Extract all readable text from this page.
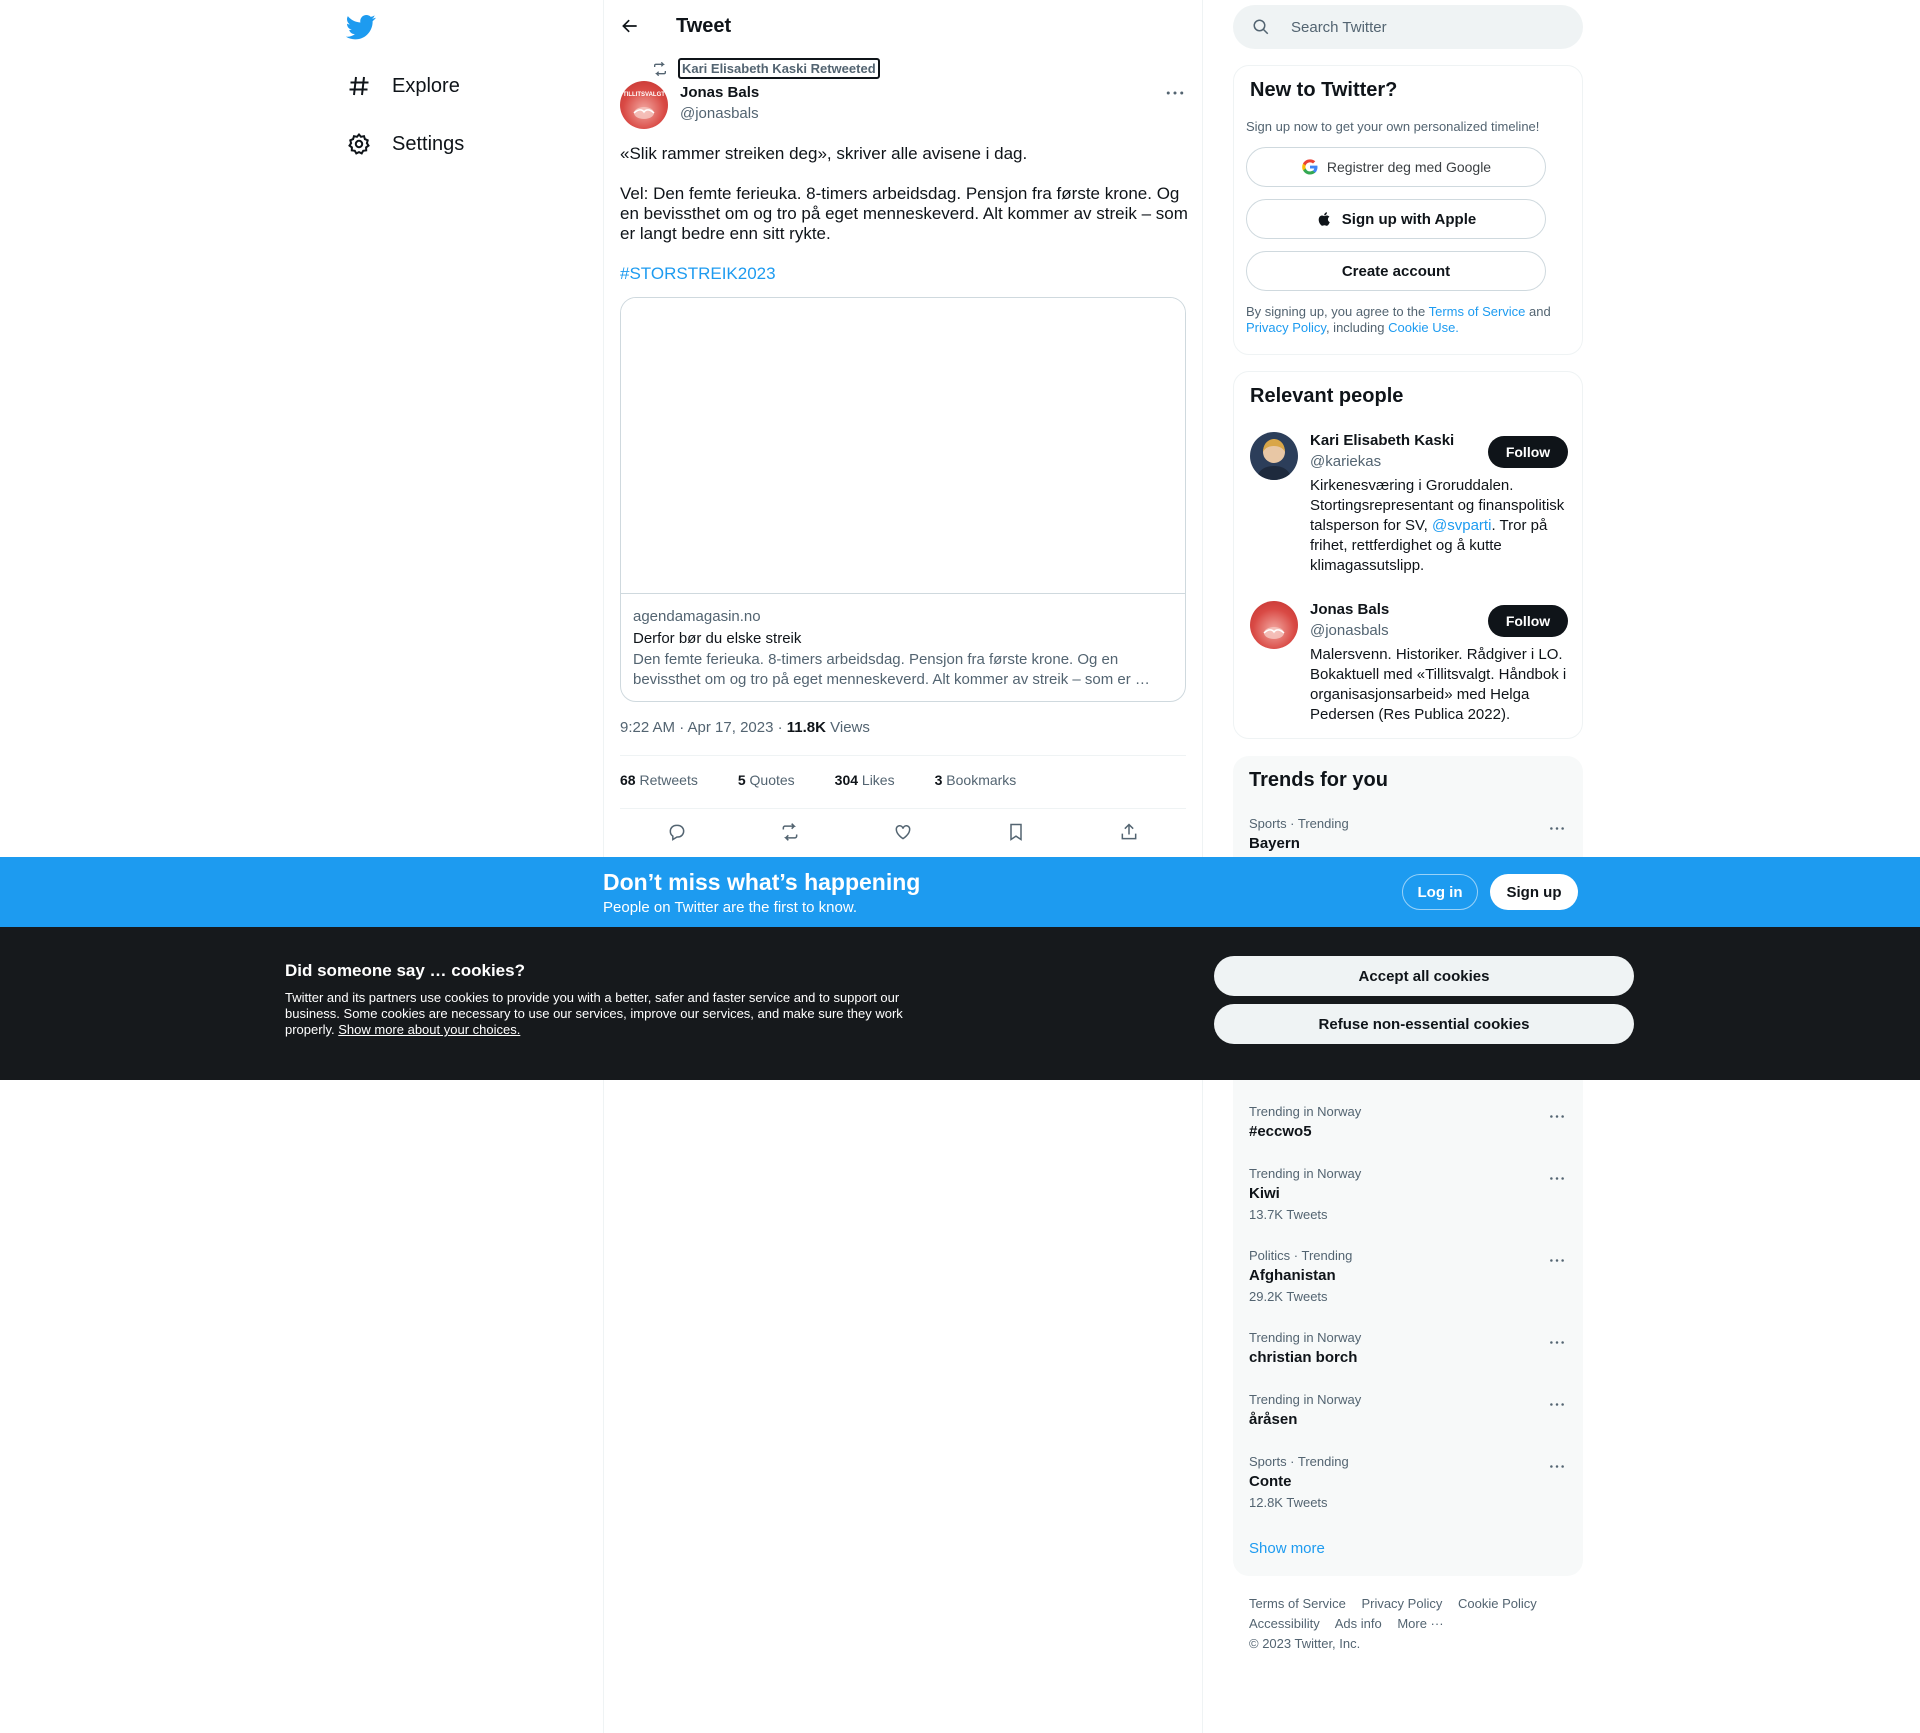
Explore
Settings
Tweet
Kari Elisabeth Kaski Retweeted
TILLITSVALGT Jonas Bals
@jonasbals

«Slik rammer streiken deg», skriver alle avisene i dag.

Vel: Den femte ferieuka. 8-timers arbeidsdag. Pensjon fra første krone. Og en bevissthet om og tro på eget menneskeverd. Alt kommer av streik – som er langt bedre enn sitt rykte.

#STORSTREIK2023

agendamagasin.no
Derfor bør du elske streik
Den femte ferieuka. 8-timers arbeidsdag. Pensjon fra første krone. Og en bevissthet om og tro på eget menneskeverd. Alt kommer av streik – som er …
9:22 AM · Apr 17, 2023 · 11.8K Views
68 Retweets	5 Quotes	304 Likes	3 Bookmarks
Search Twitter
New to Twitter?
Sign up now to get your own personalized timeline!
Registrer deg med Google
Sign up with Apple
Create account
By signing up, you agree to the Terms of Service and Privacy Policy, including Cookie Use.
Relevant people
Kari Elisabeth Kaski
@kariekas
Follow
Kirkenesværing i Groruddalen. Stortingsrepresentant og finanspolitisk talsperson for SV, @svparti. Tror på frihet, rettferdighet og å kutte klimagassutslipp.
Jonas Bals
@jonasbals
Follow
Malersvenn. Historiker. Rådgiver i LO. Bokaktuell med «Tillitsvalgt. Håndbok i organisasjonsarbeid» med Helga Pedersen (Res Publica 2022).
Trends for you
Sports · Trending
Bayern
Trending in Norway
#eccwo5
Trending in Norway
Kiwi
13.7K Tweets
Politics · Trending
Afghanistan
29.2K Tweets
Trending in Norway
christian borch
Trending in Norway
åråsen
Sports · Trending
Conte
12.8K Tweets
Show more
Terms of Service Privacy Policy Cookie Policy
Accessibility Ads info More ···
© 2023 Twitter, Inc.
Don’t miss what’s happening
People on Twitter are the first to know.
Log in	Sign up
Did someone say … cookies?
Twitter and its partners use cookies to provide you with a better, safer and faster service and to support our business. Some cookies are necessary to use our services, improve our services, and make sure they work properly. Show more about your choices.
Accept all cookies
Refuse non-essential cookies
